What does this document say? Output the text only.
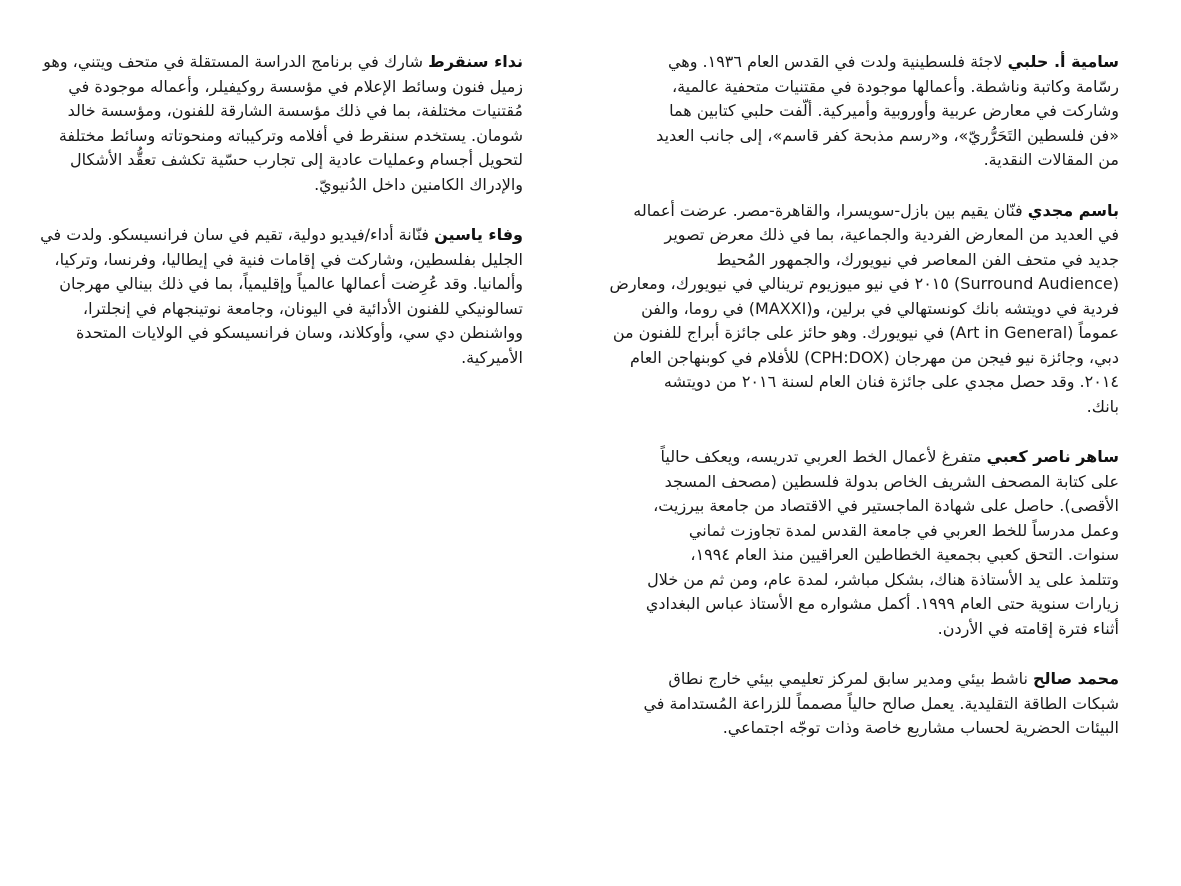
سامية أ. حلبي لاجئة فلسطينية ولدت في القدس العام ١٩٣٦. وهي
رسّامة وكاتبة وناشطة. وأعمالها موجودة في مقتنيات متحفية عالمية،
وشاركت في معارض عربية وأوروبية وأميركية. ألّفت حلبي كتابين هما
«فن فلسطين التَحَرُّريّ»، و«رسم مذبحة كفر قاسم»، إلى جانب العديد
من المقالات النقدية.

باسم مجدي فنّان يقيم بين بازل-سويسرا، والقاهرة-مصر. عرضت أعماله
في العديد من المعارض الفردية والجماعية، بما في ذلك معرض تصوير
جديد في متحف الفن المعاصر في نيويورك، والجمهور المُحيط
(Surround Audience) ٢٠١٥ في نيو ميوزيوم ترينالي في نيويورك، ومعارض
فردية في دويتشه بانك كونستهالي في برلين، و(MAXXI) في روما، والفن
عموماً (Art in General) في نيويورك. وهو حائز على جائزة أبراج للفنون من
دبي، وجائزة نيو فيجن من مهرجان (CPH:DOX) للأفلام في كوبنهاجن العام
٢٠١٤. وقد حصل مجدي على جائزة فنان العام لسنة ٢٠١٦ من دويتشه
بانك.

ساهر ناصر كعبي متفرغ لأعمال الخط العربي تدريسه، ويعكف حالياً
على كتابة المصحف الشريف الخاص بدولة فلسطين (مصحف المسجد
الأقصى). حاصل على شهادة الماجستير في الاقتصاد من جامعة بيرزيت،
وعمل مدرساً للخط العربي في جامعة القدس لمدة تجاوزت ثماني
سنوات. التحق كعبي بجمعية الخطاطين العراقيين منذ العام ١٩٩٤،
وتتلمذ على يد الأستاذة هناك، بشكل مباشر، لمدة عام، ومن ثم من خلال
زيارات سنوية حتى العام ١٩٩٩. أكمل مشواره مع الأستاذ عباس البغدادي
أثناء فترة إقامته في الأردن.

محمد صالح ناشط بيئي ومدير سابق لمركز تعليمي بيئي خارج نطاق
شبكات الطاقة التقليدية. يعمل صالح حالياً مصمماً للزراعة المُستدامة في
البيئات الحضرية لحساب مشاريع خاصة وذات توجّه اجتماعي.

نداء سنقرط شارك في برنامج الدراسة المستقلة في متحف ويتني، وهو
زميل فنون وسائط الإعلام في مؤسسة روكيفيلر، وأعماله موجودة في
مُقتنيات مختلفة، بما في ذلك مؤسسة الشارقة للفنون، ومؤسسة خالد
شومان. يستخدم سنقرط في أفلامه وتركيباته ومنحوتاته وسائط مختلفة
لتحويل أجسام وعمليات عادية إلى تجارب حسّية تكشف تعقُّد الأشكال
والإدراك الكامنين داخل الدُنيويّ.

وفاء ياسين فنّانة أداء/فيديو دولية، تقيم في سان فرانسيسكو. ولدت في
الجليل بفلسطين، وشاركت في إقامات فنية في إيطاليا، وفرنسا، وتركيا،
وألمانيا. وقد عُرِضت أعمالها عالمياً وإقليمياً، بما في ذلك بينالي مهرجان
تسالونيكي للفنون الأدائية في اليونان، وجامعة نوتينجهام في إنجلترا،
وواشنطن دي سي، وأوكلاند، وسان فرانسيسكو في الولايات المتحدة
الأميركية.
